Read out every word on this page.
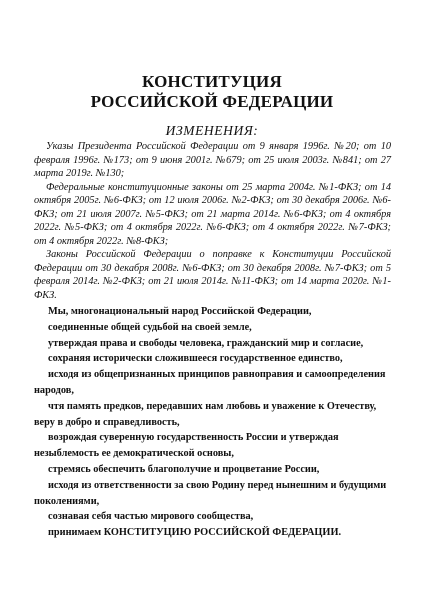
КОНСТИТУЦИЯ
РОССИЙСКОЙ ФЕДЕРАЦИИ
ИЗМЕНЕНИЯ:

Указы Президента Российской Федерации от 9 января 1996г. №20; от 10 февраля 1996г. №173; от 9 июня 2001г. №679; от 25 июля 2003г. №841; от 27 марта 2019г. №130;

Федеральные конституционные законы от 25 марта 2004г. №1-ФКЗ; от 14 октября 2005г. №6-ФКЗ; от 12 июля 2006г. №2-ФКЗ; от 30 декабря 2006г. №6-ФКЗ; от 21 июля 2007г. №5-ФКЗ; от 21 марта 2014г. №6-ФКЗ; от 4 октября 2022г. №5-ФКЗ; от 4 октября 2022г. №6-ФКЗ; от 4 октября 2022г. №7-ФКЗ; от 4 октября 2022г. №8-ФКЗ;

Законы Российской Федерации о поправке к Конституции Российской Федерации от 30 декабря 2008г. №6-ФКЗ; от 30 декабря 2008г. №7-ФКЗ; от 5 февраля 2014г. №2-ФКЗ; от 21 июля 2014г. №11-ФКЗ; от 14 марта 2020г. №1-ФКЗ.

Мы, многонациональный народ Российской Федерации,

соединенные общей судьбой на своей земле,

утверждая права и свободы человека, гражданский мир и согласие,

сохраняя исторически сложившееся государственное единство,

исходя из общепризнанных принципов равноправия и самоопределения народов,

чтя память предков, передавших нам любовь и уважение к Отечеству, веру в добро и справедливость,

возрождая суверенную государственность России и утверждая незыблемость ее демократической основы,

стремясь обеспечить благополучие и процветание России,

исходя из ответственности за свою Родину перед нынешним и будущими поколениями,

сознавая себя частью мирового сообщества,

принимаем КОНСТИТУЦИЮ РОССИЙСКОЙ ФЕДЕРАЦИИ.
